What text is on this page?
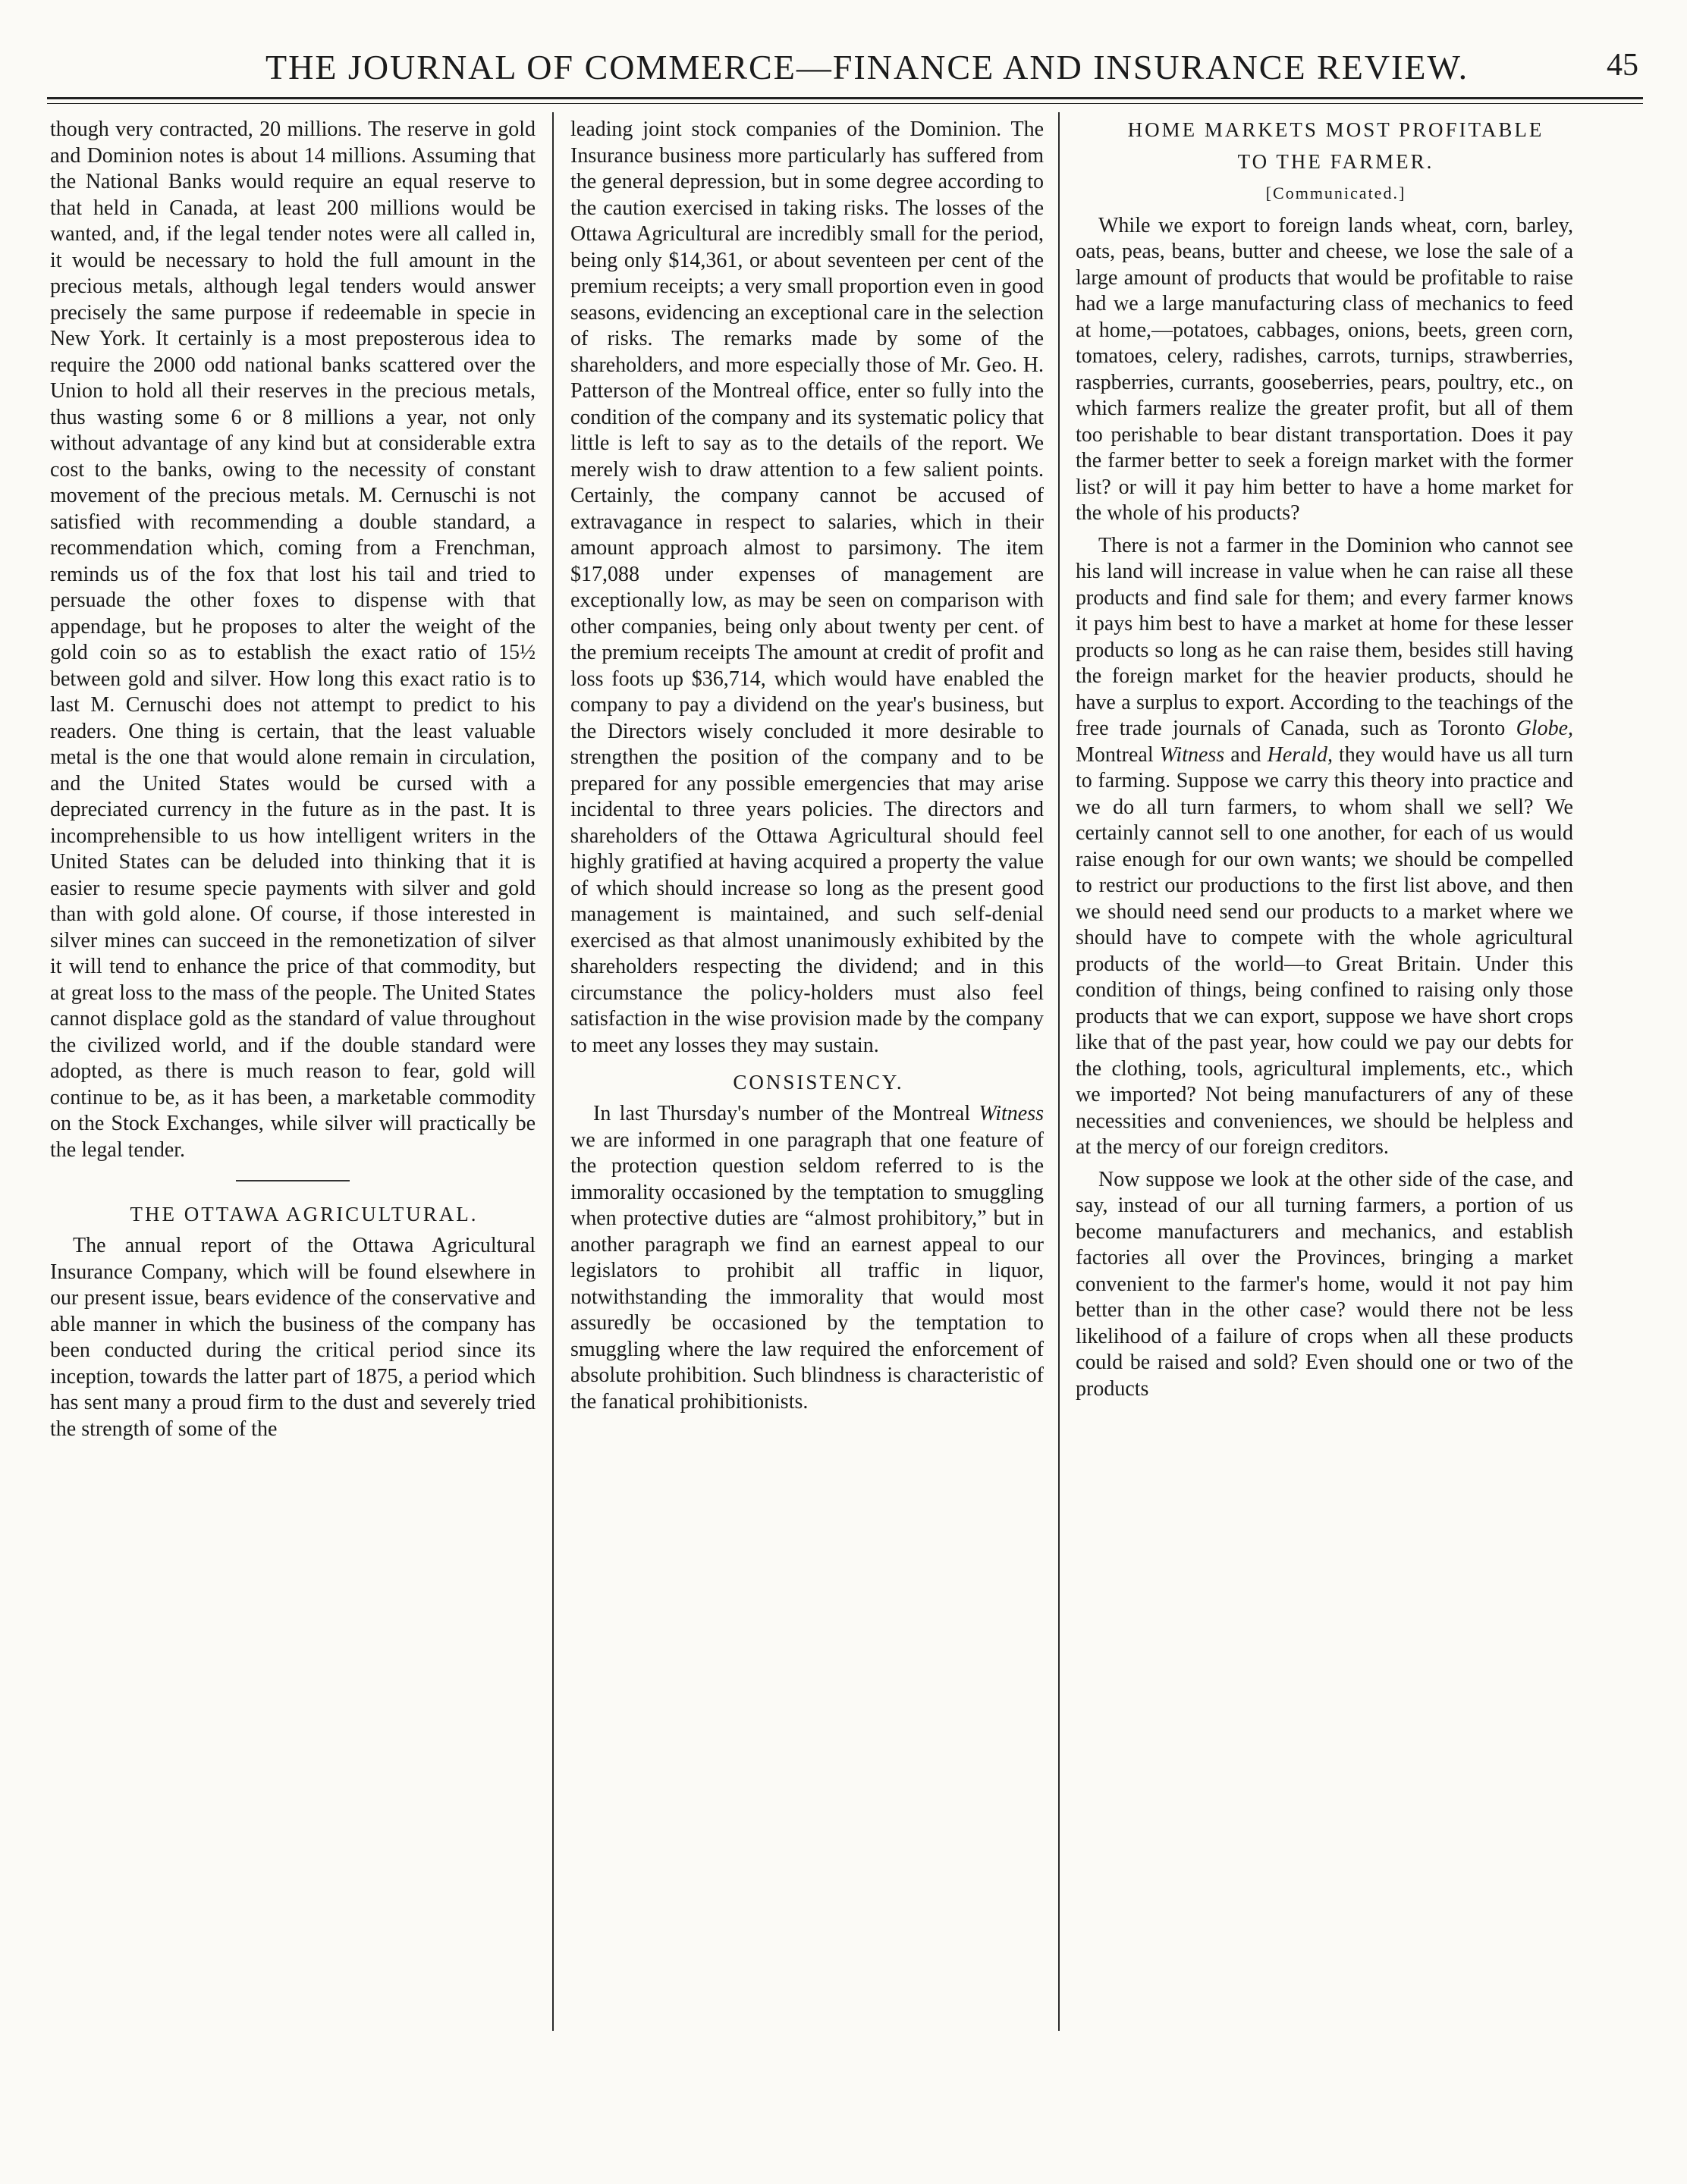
THE JOURNAL OF COMMERCE—FINANCE AND INSURANCE REVIEW.	45

though very contracted, 20 millions. The reserve in gold and Dominion notes is about 14 millions. Assuming that the National Banks would require an equal reserve to that held in Canada, at least 200 millions would be wanted, and, if the legal tender notes were all called in, it would be necessary to hold the full amount in the precious metals, although legal tenders would answer precisely the same purpose if redeemable in specie in New York. It certainly is a most preposterous idea to require the 2000 odd national banks scattered over the Union to hold all their reserves in the precious metals, thus wasting some 6 or 8 millions a year, not only without advantage of any kind but at considerable extra cost to the banks, owing to the necessity of constant movement of the precious metals. M. Cernuschi is not satisfied with recommending a double standard, a recommendation which, coming from a Frenchman, reminds us of the fox that lost his tail and tried to persuade the other foxes to dispense with that appendage, but he proposes to alter the weight of the gold coin so as to establish the exact ratio of 15½ between gold and silver. How long this exact ratio is to last M. Cernuschi does not attempt to predict to his readers. One thing is certain, that the least valuable metal is the one that would alone remain in circulation, and the United States would be cursed with a depreciated currency in the future as in the past. It is incomprehensible to us how intelligent writers in the United States can be deluded into thinking that it is easier to resume specie payments with silver and gold than with gold alone. Of course, if those interested in silver mines can succeed in the remonetization of silver it will tend to enhance the price of that commodity, but at great loss to the mass of the people. The United States cannot displace gold as the standard of value throughout the civilized world, and if the double standard were adopted, as there is much reason to fear, gold will continue to be, as it has been, a marketable commodity on the Stock Exchanges, while silver will practically be the legal tender.

THE OTTAWA AGRICULTURAL.

The annual report of the Ottawa Agricultural Insurance Company, which will be found elsewhere in our present issue, bears evidence of the conservative and able manner in which the business of the company has been conducted during the critical period since its inception, towards the latter part of 1875, a period which has sent many a proud firm to the dust and severely tried the strength of some of the

leading joint stock companies of the Dominion. The Insurance business more particularly has suffered from the general depression, but in some degree according to the caution exercised in taking risks. The losses of the Ottawa Agricultural are incredibly small for the period, being only $14,361, or about seventeen per cent of the premium receipts; a very small proportion even in good seasons, evidencing an exceptional care in the selection of risks. The remarks made by some of the shareholders, and more especially those of Mr. Geo. H. Patterson of the Montreal office, enter so fully into the condition of the company and its systematic policy that little is left to say as to the details of the report. We merely wish to draw attention to a few salient points. Certainly, the company cannot be accused of extravagance in respect to salaries, which in their amount approach almost to parsimony. The item $17,088 under expenses of management are exceptionally low, as may be seen on comparison with other companies, being only about twenty per cent. of the premium receipts The amount at credit of profit and loss foots up $36,714, which would have enabled the company to pay a dividend on the year's business, but the Directors wisely concluded it more desirable to strengthen the position of the company and to be prepared for any possible emergencies that may arise incidental to three years policies. The directors and shareholders of the Ottawa Agricultural should feel highly gratified at having acquired a property the value of which should increase so long as the present good management is maintained, and such self-denial exercised as that almost unanimously exhibited by the shareholders respecting the dividend; and in this circumstance the policy-holders must also feel satisfaction in the wise provision made by the company to meet any losses they may sustain.

CONSISTENCY.

In last Thursday's number of the Montreal Witness we are informed in one paragraph that one feature of the protection question seldom referred to is the immorality occasioned by the temptation to smuggling when protective duties are “almost prohibitory,” but in another paragraph we find an earnest appeal to our legislators to prohibit all traffic in liquor, notwithstanding the immorality that would most assuredly be occasioned by the temptation to smuggling where the law required the enforcement of absolute prohibition. Such blindness is characteristic of the fanatical prohibitionists.

HOME MARKETS MOST PROFITABLE

TO THE FARMER.

[Communicated.]

While we export to foreign lands wheat, corn, barley, oats, peas, beans, butter and cheese, we lose the sale of a large amount of products that would be profitable to raise had we a large manufacturing class of mechanics to feed at home,—potatoes, cabbages, onions, beets, green corn, tomatoes, celery, radishes, carrots, turnips, strawberries, raspberries, currants, gooseberries, pears, poultry, etc., on which farmers realize the greater profit, but all of them too perishable to bear distant transportation. Does it pay the farmer better to seek a foreign market with the former list? or will it pay him better to have a home market for the whole of his products?

There is not a farmer in the Dominion who cannot see his land will increase in value when he can raise all these products and find sale for them; and every farmer knows it pays him best to have a market at home for these lesser products so long as he can raise them, besides still having the foreign market for the heavier products, should he have a surplus to export. According to the teachings of the free trade journals of Canada, such as Toronto Globe, Montreal Witness and Herald, they would have us all turn to farming. Suppose we carry this theory into practice and we do all turn farmers, to whom shall we sell? We certainly cannot sell to one another, for each of us would raise enough for our own wants; we should be compelled to restrict our productions to the first list above, and then we should need send our products to a market where we should have to compete with the whole agricultural products of the world—to Great Britain. Under this condition of things, being confined to raising only those products that we can export, suppose we have short crops like that of the past year, how could we pay our debts for the clothing, tools, agricultural implements, etc., which we imported? Not being manufacturers of any of these necessities and conveniences, we should be helpless and at the mercy of our foreign creditors.

Now suppose we look at the other side of the case, and say, instead of our all turning farmers, a portion of us become manufacturers and mechanics, and establish factories all over the Provinces, bringing a market convenient to the farmer's home, would it not pay him better than in the other case? would there not be less likelihood of a failure of crops when all these products could be raised and sold? Even should one or two of the products
